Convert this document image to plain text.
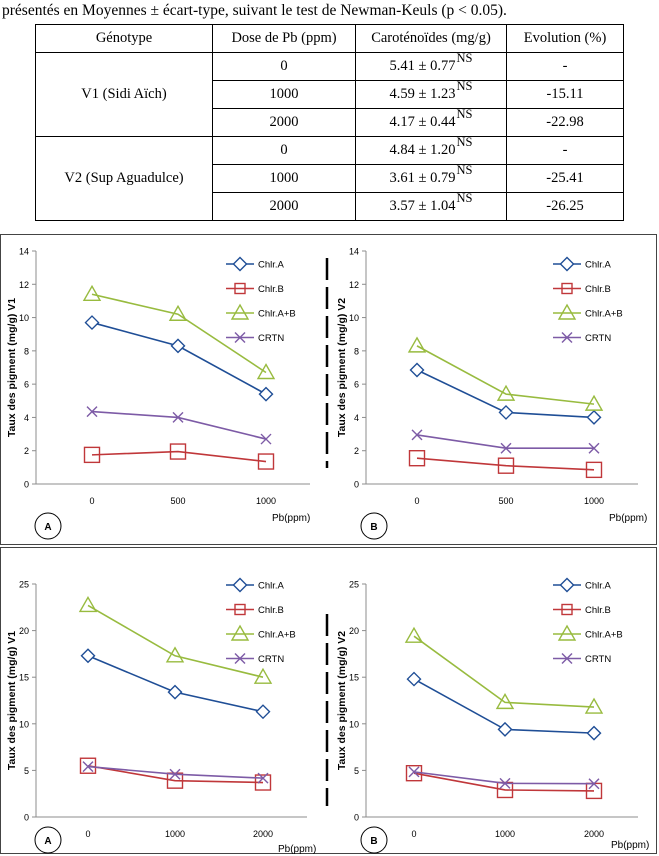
présentés en Moyennes ± écart-type, suivant le test de Newman-Keuls (p < 0.05).
Génotype	Dose de Pb (ppm)	Caroténoïdes (mg/g)	Evolution (%)
V1 (Sidi Aïch)	0	5.41 ± 0.77NS	-
	1000	4.59 ± 1.23NS	-15.11
	2000	4.17 ± 0.44NS	-22.98
V2 (Sup Aguadulce)	0	4.84 ± 1.20NS	-
	1000	3.61 ± 0.79NS	-25.41
	2000	3.57 ± 1.04NS	-26.25
0
2
4
6
8
10
12
14
0	500	1000
Taux des pigment (mg/g) V1
Pb(ppm)
A
Chlr.A
Chlr.B
Chlr.A+B
CRTN
0
2
4
6
8
10
12
14
0	500	1000
Taux des pigment (mg/g) V2
Pb(ppm)
B
Chlr.A
Chlr.B
Chlr.A+B
CRTN
0
5
10
15
20
25
0	1000	2000
Taux des pigment (mg/g) V1
Pb(ppm)
A
Chlr.A
Chlr.B
Chlr.A+B
CRTN
0
5
10
15
20
25
0	1000	2000
Taux des pigment (mg/g) V2
Pb(ppm)
B
Chlr.A
Chlr.B
Chlr.A+B
CRTN
